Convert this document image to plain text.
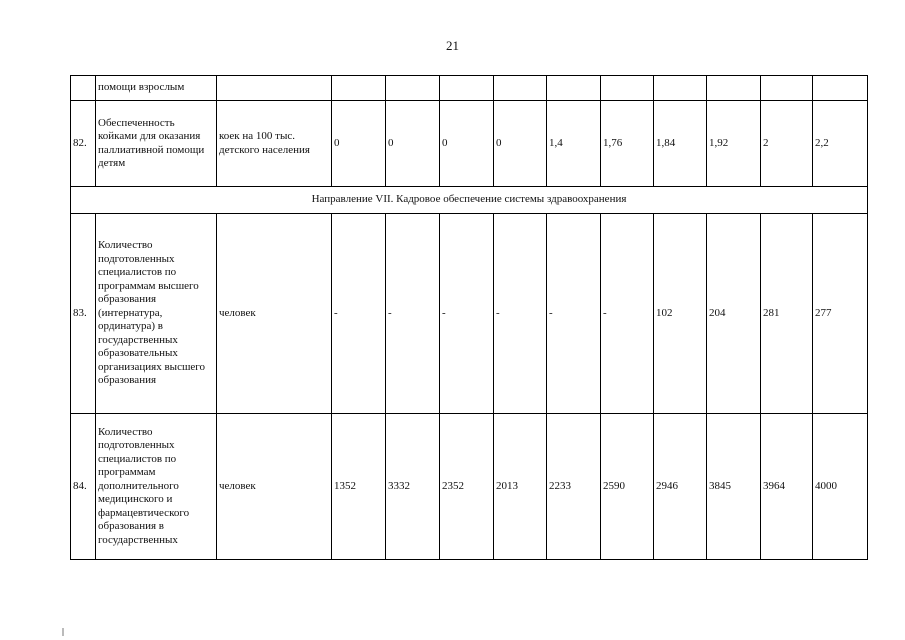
21
	помощи взрослым											
82.	Обеспеченность койками для оказания паллиативной помощи детям	коек на 100 тыс. детского населения	0	0	0	0	1,4	1,76	1,84	1,92	2	2,2
Направление VII. Кадровое обеспечение системы здравоохранения												
83.	Количество подготовленных специалистов по программам высшего образования (интернатура, ординатура) в государственных образовательных организациях высшего образования	человек	-	-	-	-	-	-	102	204	281	277
84.	Количество подготовленных специалистов по программам дополнительного медицинского и фармацевтического образования в государственных	человек	1352	3332	2352	2013	2233	2590	2946	3845	3964	4000
